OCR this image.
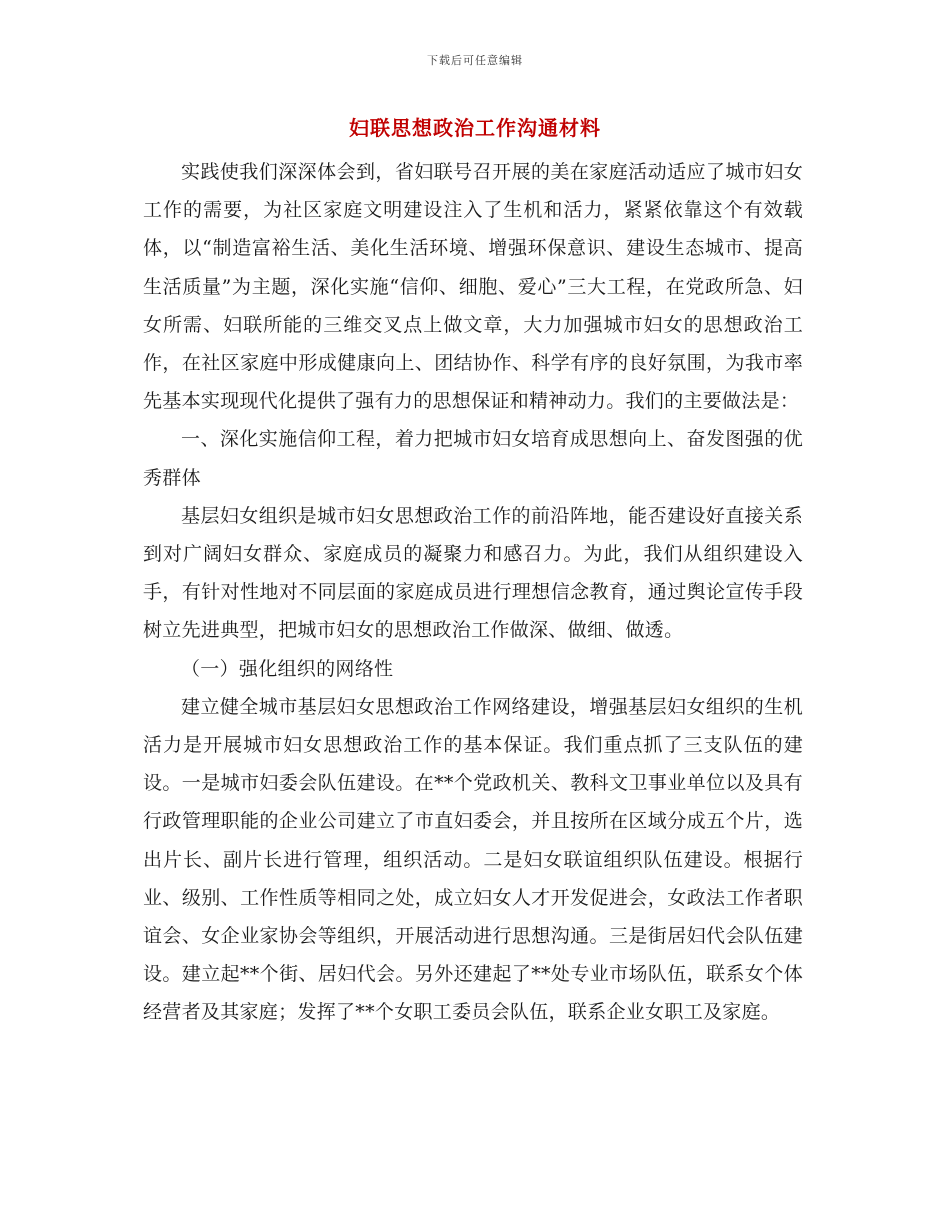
下载后可任意编辑
妇联思想政治工作沟通材料

实践使我们深深体会到，省妇联号召开展的美在家庭活动适应了城市妇女工作的需要，为社区家庭文明建设注入了生机和活力，紧紧依靠这个有效载体，以“制造富裕生活、美化生活环境、增强环保意识、建设生态城市、提高生活质量”为主题，深化实施“信仰、细胞、爱心”三大工程，在党政所急、妇女所需、妇联所能的三维交叉点上做文章，大力加强城市妇女的思想政治工作，在社区家庭中形成健康向上、团结协作、科学有序的良好氛围，为我市率先基本实现现代化提供了强有力的思想保证和精神动力。我们的主要做法是：

一、深化实施信仰工程，着力把城市妇女培育成思想向上、奋发图强的优秀群体

基层妇女组织是城市妇女思想政治工作的前沿阵地，能否建设好直接关系到对广阔妇女群众、家庭成员的凝聚力和感召力。为此，我们从组织建设入手，有针对性地对不同层面的家庭成员进行理想信念教育，通过舆论宣传手段树立先进典型，把城市妇女的思想政治工作做深、做细、做透。

（一）强化组织的网络性

建立健全城市基层妇女思想政治工作网络建设，增强基层妇女组织的生机活力是开展城市妇女思想政治工作的基本保证。我们重点抓了三支队伍的建设。一是城市妇委会队伍建设。在**个党政机关、教科文卫事业单位以及具有行政管理职能的企业公司建立了市直妇委会，并且按所在区域分成五个片，选出片长、副片长进行管理，组织活动。二是妇女联谊组织队伍建设。根据行业、级别、工作性质等相同之处，成立妇女人才开发促进会，女政法工作者职谊会、女企业家协会等组织，开展活动进行思想沟通。三是街居妇代会队伍建设。建立起**个街、居妇代会。另外还建起了**处专业市场队伍，联系女个体经营者及其家庭；发挥了**个女职工委员会队伍，联系企业女职工及家庭。
